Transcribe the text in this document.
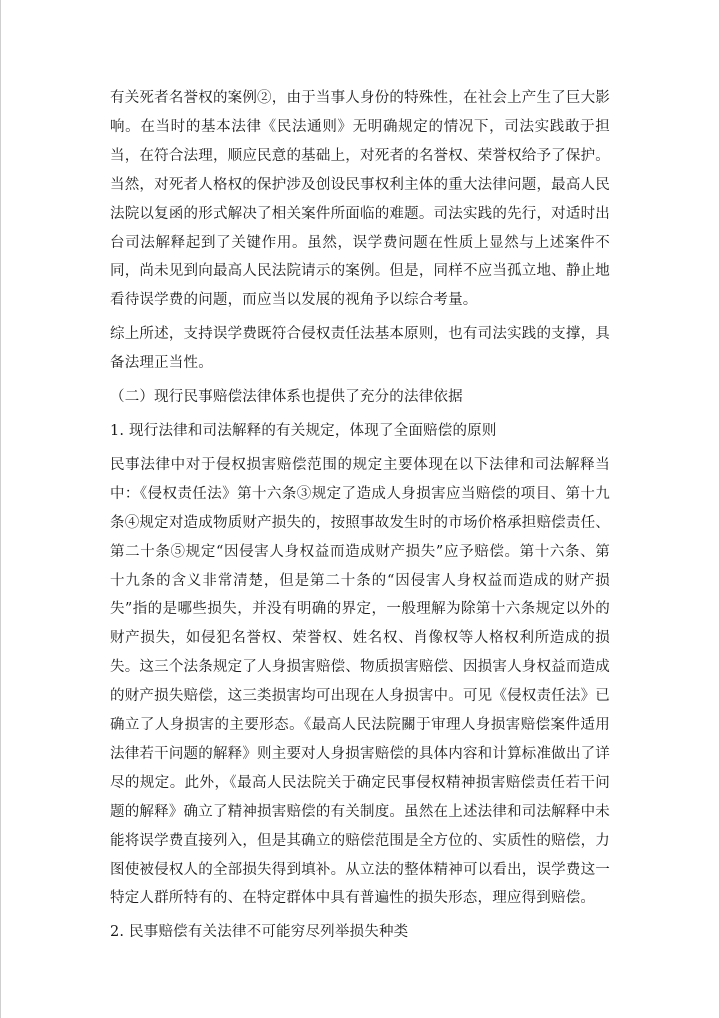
有关死者名誉权的案例②，由于当事人身份的特殊性，在社会上产生了巨大影
响。在当时的基本法律《民法通则》无明确规定的情况下，司法实践敢于担
当，在符合法理，顺应民意的基础上，对死者的名誉权、荣誉权给予了保护。
当然，对死者人格权的保护涉及创设民事权利主体的重大法律问题，最高人民
法院以复函的形式解决了相关案件所面临的难题。司法实践的先行，对适时出
台司法解释起到了关键作用。虽然，误学费问题在性质上显然与上述案件不
同，尚未见到向最高人民法院请示的案例。但是，同样不应当孤立地、静止地
看待误学费的问题，而应当以发展的视角予以综合考量。

综上所述，支持误学费既符合侵权责任法基本原则，也有司法实践的支撑，具
备法理正当性。

（二）现行民事赔偿法律体系也提供了充分的法律依据

1. 现行法律和司法解释的有关规定，体现了全面赔偿的原则

民事法律中对于侵权损害赔偿范围的规定主要体现在以下法律和司法解释当
中：《侵权责任法》第十六条③规定了造成人身损害应当赔偿的项目、第十九
条④规定对造成物质财产损失的，按照事故发生时的市场价格承担赔偿责任、
第二十条⑤规定“因侵害人身权益而造成财产损失”应予赔偿。第十六条、第
十九条的含义非常清楚，但是第二十条的“因侵害人身权益而造成的财产损
失”指的是哪些损失，并没有明确的界定，一般理解为除第十六条规定以外的
财产损失，如侵犯名誉权、荣誉权、姓名权、肖像权等人格权利所造成的损
失。这三个法条规定了人身损害赔偿、物质损害赔偿、因损害人身权益而造成
的财产损失赔偿，这三类损害均可出现在人身损害中。可见《侵权责任法》已
确立了人身损害的主要形态。《最高人民法院關于审理人身损害赔偿案件适用
法律若干问题的解释》则主要对人身损害赔偿的具体内容和计算标准做出了详
尽的规定。此外，《最高人民法院关于确定民事侵权精神损害赔偿责任若干问
题的解释》确立了精神损害赔偿的有关制度。虽然在上述法律和司法解释中未
能将误学费直接列入，但是其确立的赔偿范围是全方位的、实质性的赔偿，力
图使被侵权人的全部损失得到填补。从立法的整体精神可以看出，误学费这一
特定人群所特有的、在特定群体中具有普遍性的损失形态，理应得到赔偿。

2. 民事赔偿有关法律不可能穷尽列举损失种类
